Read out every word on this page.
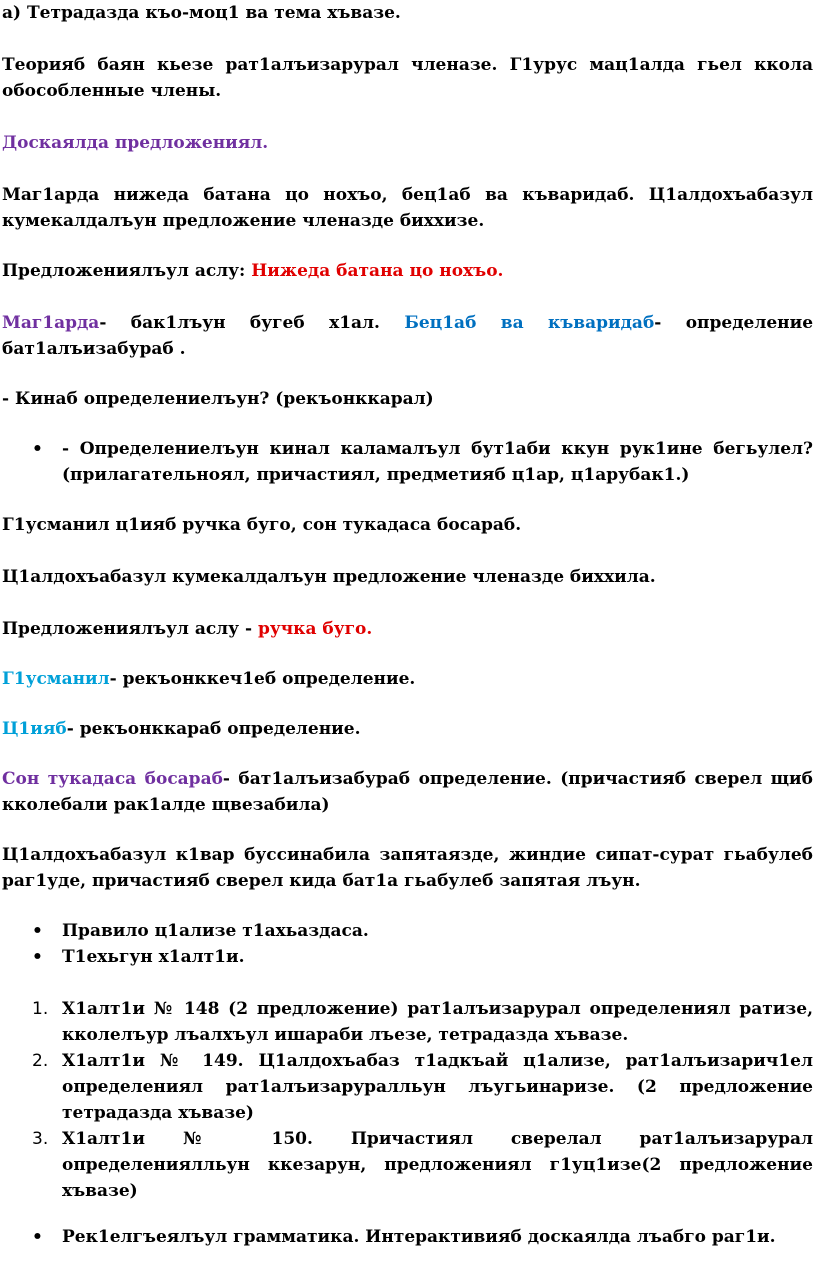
а) Тетрадазда къо-моц1 ва тема хъвазе.

Теорияб баян кьезе рат1алъизарурал членазе. Г1урус мац1алда гьел ккола обособленные члены.

Доскаялда предложениял.

Маг1арда нижеда батана цо нохъо, бец1аб ва къваридаб. Ц1алдохъабазул кумекалдалъун предложение членазде биххизе.

Предложениялъул аслу: Нижеда батана цо нохъо.

Маг1арда- бак1лъун бугеб х1ал. Бец1аб ва къваридаб- определение бат1алъизабураб .

- Кинаб определениелъун? (рекъонккарал)

• - Определениелъун кинал каламалъул бут1аби ккун рук1ине бегьулел?(прилагательноял, причастиял, предметияб ц1ар, ц1арубак1.)

Г1усманил ц1ияб ручка буго, сон тукадаса босараб.

Ц1алдохъабазул кумекалдалъун предложение членазде биххила.

Предложениялъул аслу - ручка буго.

Г1усманил- рекъонккеч1еб определение.

Ц1ияб- рекъонккараб определение.

Сон тукадаса босараб- бат1алъизабураб определение. (причастияб сверел щиб кколебали рак1алде щвезабила)

Ц1алдохъабазул к1вар буссинабила запятаязде, жиндие сипат-сурат гьабулеб раг1уде, причастияб сверел кида бат1а гьабулеб запятая лъун.

• Правило ц1ализе т1ахьаздаса.
• Т1ехьгун х1алт1и.
1. Х1алт1и № 148 (2 предложение) рат1алъизарурал определениял ратизе, кколелъур лъалхъул ишараби лъезе, тетрадазда хъвазе.
2. Х1алт1и № 149. Ц1алдохъабаз т1адкъай ц1ализе, рат1алъизарич1ел определениял рат1алъизаруралльун лъугьинаризе. (2 предложение тетрадазда хъвазе)
3. Х1алт1и № 150. Причастиял сверелал рат1алъизарурал определениялльун ккезарун, предложениял г1уц1изе(2 предложение хъвазе)
• Рек1елгъеялъул грамматика. Интерактивияб доскаялда лъабго раг1и.
